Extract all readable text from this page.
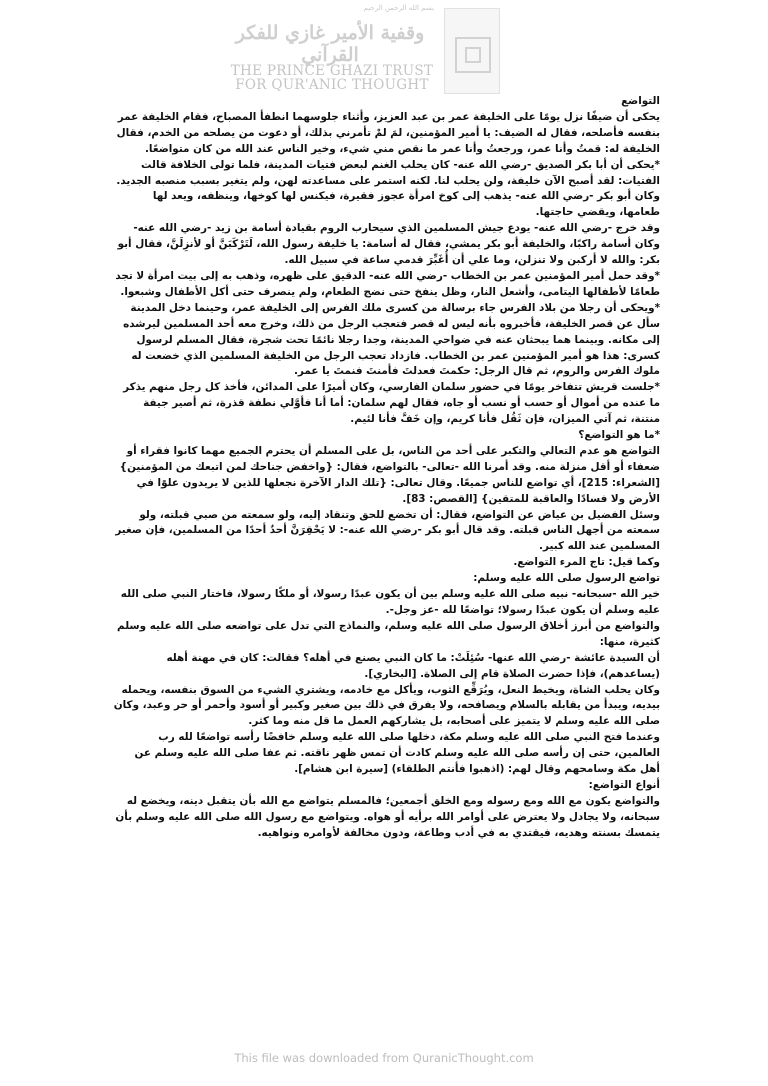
بسم الله الرحمن الرحيم
وقفية الأمير غازي للفكر القرآني
THE PRINCE GHAZI TRUST
FOR QUR'ANIC THOUGHT

التواضع

يحكى أن ضيفًا نزل يومًا على الخليفة عمر بن عبد العزيز، وأثناء جلوسهما انطفأ المصباح، فقام الخليفة عمر بنفسه فأصلحه، فقال له الضيف: يا أمير المؤمنين، لمَ لمْ تأمرني بذلك، أو دعوت من يصلحه من الخدم، فقال الخليفة له: قمتُ وأنا عمر، ورجعتُ وأنا عمر ما نقص مني شيء، وخير الناس عند الله من كان متواضعًا.

*يحكى أن أبا بكر الصديق -رضي الله عنه- كان يحلب الغنم لبعض فتيات المدينة، فلما تولى الخلافة قالت الفتيات: لقد أصبح الآن خليفة، ولن يحلب لنا. لكنه استمر على مساعدته لهن، ولم يتغير بسبب منصبه الجديد. وكان أبو بكر -رضي الله عنه- يذهب إلى كوخ امرأة عجوز فقيرة، فيكنس لها كوخها، وينظفه، ويعد لها طعامها، ويقضي حاجتها.

وقد خرج -رضي الله عنه- يودع جيش المسلمين الذي سيحارب الروم بقيادة أسامة بن زيد -رضي الله عنه- وكان أسامة راكبًا، والخليفة أبو بكر يمشي، فقال له أسامة: يا خليفة رسول الله، لَتَرْكَبَنَّ أو لأنزِلَنَّ، فقال أبو بكر: والله لا أركبن ولا تنزلن، وما علي أن أُغَبِّرَ قدمي ساعة في سبيل الله.

*وقد حمل أمير المؤمنين عمر بن الخطاب -رضي الله عنه- الدقيق على ظهره، وذهب به إلى بيت امرأة لا تجد طعامًا لأطفالها اليتامى، وأشعل النار، وظل ينفخ حتى نضج الطعام، ولم ينصرف حتى أكل الأطفال وشبعوا.

*ويحكى أن رجلا من بلاد الفرس جاء برسالة من كسرى ملك الفرس إلى الخليفة عمر، وحينما دخل المدينة سأل عن قصر الخليفة، فأخبروه بأنه ليس له قصر فتعجب الرجل من ذلك، وخرج معه أحد المسلمين ليرشده إلى مكانه. وبينما هما يبحثان عنه في ضواحي المدينة، وجدا رجلا نائمًا تحت شجرة، فقال المسلم لرسول كسرى: هذا هو أمير المؤمنين عمر بن الخطاب. فازداد تعجب الرجل من الخليفة المسلمين الذي خضعت له ملوك الفرس والروم، ثم قال الرجل: حكمتَ فعدلتَ فأمنتَ فنمتَ يا عمر.

*جلست قريش تتفاخر يومًا في حضور سلمان الفارسي، وكان أميرًا على المدائن، فأخذ كل رجل منهم يذكر ما عنده من أموال أو حسب أو نسب أو جاه، فقال لهم سلمان: أما أنا فأوَّلي نطفة قذرة، ثم أصير جيفة منتنة، ثم آتي الميزان، فإن ثَقُل فأنا كريم، وإن خَفَّ فأنا لئيم.

*ما هو التواضع؟

التواضع هو عدم التعالي والتكبر على أحد من الناس، بل على المسلم أن يحترم الجميع مهما كانوا فقراء أو ضعفاء أو أقل منزلة منه. وقد أمرنا الله -تعالى- بالتواضع، فقال: {واخفض جناحك لمن اتبعك من المؤمنين} [الشعراء: 215]، أي تواضع للناس جميعًا. وقال تعالى: {تلك الدار الآخرة نجعلها للذين لا يريدون علوًا في الأرض ولا فسادًا والعاقبة للمتقين} [القصص: 83].

وسئل الفضيل بن عياض عن التواضع، فقال: أن تخضع للحق وتنقاد إليه، ولو سمعته من صبي قبلته، ولو سمعته من أجهل الناس قبلته. وقد قال أبو بكر -رضي الله عنه-: لا يَحْقِرَنَّ أحدٌ أحدًا من المسلمين، فإن صغير المسلمين عند الله كبير.

وكما قيل: تاج المرء التواضع.

تواضع الرسول صلى الله عليه وسلم:

خير الله -سبحانه- نبيه صلى الله عليه وسلم بين أن يكون عبدًا رسولا، أو ملكًا رسولا، فاختار النبي صلى الله عليه وسلم أن يكون عبدًا رسولا؛ تواضعًا لله -عز وجل-.

والتواضع من أبرز أخلاق الرسول صلى الله عليه وسلم، والنماذج التي تدل على تواضعه صلى الله عليه وسلم كثيرة، منها:

أن السيدة عائشة -رضي الله عنها- سُئِلَتْ: ما كان النبي يصنع في أهله؟ فقالت: كان في مهنة أهله (يساعدهم)، فإذا حضرت الصلاة قام إلى الصلاة. [البخاري].

وكان يحلب الشاة، ويخيط النعل، ويُرَقِّع الثوب، ويأكل مع خادمه، ويشتري الشيء من السوق بنفسه، ويحمله بيديه، ويبدأ من يقابله بالسلام ويصافحه، ولا يفرق في ذلك بين صغير وكبير أو أسود وأحمر أو حر وعبد، وكان صلى الله عليه وسلم لا يتميز على أصحابه، بل يشاركهم العمل ما قل منه وما كثر.

وعندما فتح النبي صلى الله عليه وسلم مكة، دخلها صلى الله عليه وسلم خافضًا رأسه تواضعًا لله رب العالمين، حتى إن رأسه صلى الله عليه وسلم كادت أن تمس ظهر ناقته. ثم عفا صلى الله عليه وسلم عن أهل مكة وسامحهم وقال لهم: (اذهبوا فأنتم الطلقاء) [سيرة ابن هشام].

أنواع التواضع:

والتواضع يكون مع الله ومع رسوله ومع الخلق أجمعين؛ فالمسلم يتواضع مع الله بأن يتقبل دينه، ويخضع له سبحانه، ولا يجادل ولا يعترض على أوامر الله برأيه أو هواه. ويتواضع مع رسول الله صلى الله عليه وسلم بأن يتمسك بسنته وهديه، فيقتدي به في أدب وطاعة، ودون مخالفة لأوامره ونواهيه.

This file was downloaded from QuranicThought.com
